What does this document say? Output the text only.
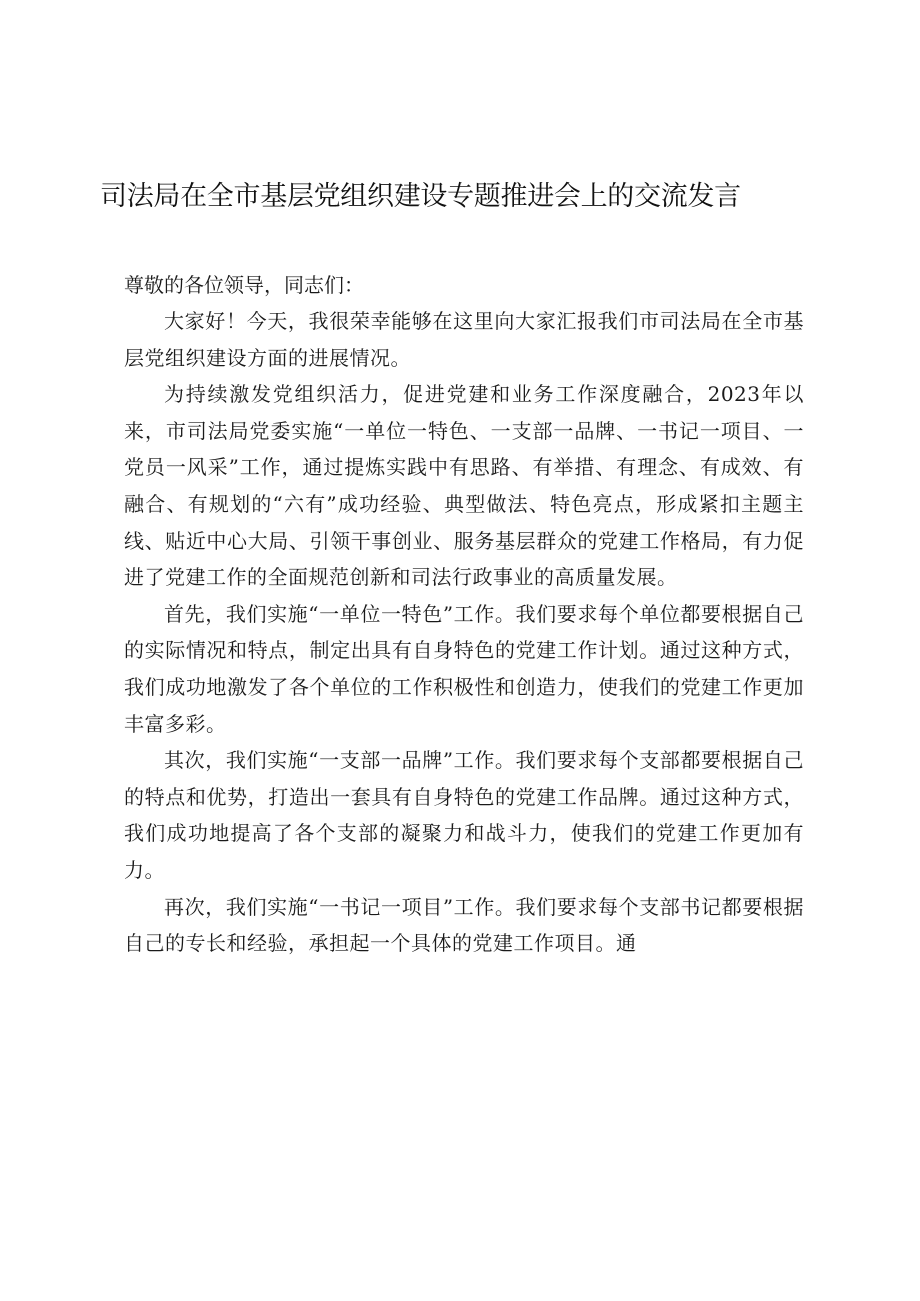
司法局在全市基层党组织建设专题推进会上的交流发言

尊敬的各位领导，同志们：

大家好！今天，我很荣幸能够在这里向大家汇报我们市司法局在全市基层党组织建设方面的进展情况。

为持续激发党组织活力，促进党建和业务工作深度融合，2023年以来，市司法局党委实施“一单位一特色、一支部一品牌、一书记一项目、一党员一风采”工作，通过提炼实践中有思路、有举措、有理念、有成效、有融合、有规划的“六有”成功经验、典型做法、特色亮点，形成紧扣主题主线、贴近中心大局、引领干事创业、服务基层群众的党建工作格局，有力促进了党建工作的全面规范创新和司法行政事业的高质量发展。

首先，我们实施“一单位一特色”工作。我们要求每个单位都要根据自己的实际情况和特点，制定出具有自身特色的党建工作计划。通过这种方式，我们成功地激发了各个单位的工作积极性和创造力，使我们的党建工作更加丰富多彩。

其次，我们实施“一支部一品牌”工作。我们要求每个支部都要根据自己的特点和优势，打造出一套具有自身特色的党建工作品牌。通过这种方式，我们成功地提高了各个支部的凝聚力和战斗力，使我们的党建工作更加有力。

再次，我们实施“一书记一项目”工作。我们要求每个支部书记都要根据自己的专长和经验，承担起一个具体的党建工作项目。通
